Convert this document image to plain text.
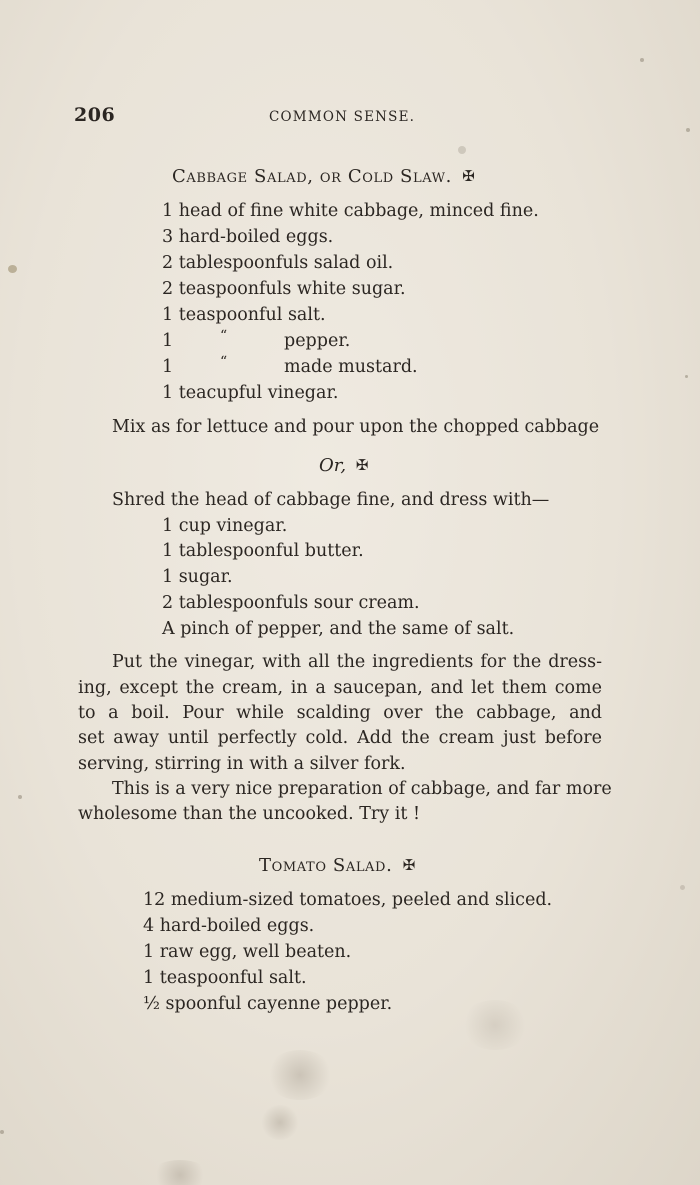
206	COMMON SENSE.
Cabbage Salad, or Cold Slaw. ✠
1 head of fine white cabbage, minced fine.
3 hard-boiled eggs.
2 tablespoonfuls salad oil.
2 teaspoonfuls white sugar.
1 teaspoonful salt.
1	“	pepper.
1	“	made mustard.
1 teacupful vinegar.
Mix as for lettuce and pour upon the chopped cabbage
Or, ✠
Shred the head of cabbage fine, and dress with—
1 cup vinegar.
1 tablespoonful butter.
1 sugar.
2 tablespoonfuls sour cream.
A pinch of pepper, and the same of salt.
Put the vinegar, with all the ingredients for the dress-
ing, except the cream, in a saucepan, and let them come
to a boil. Pour while scalding over the cabbage, and
set away until perfectly cold. Add the cream just before
serving, stirring in with a silver fork.
This is a very nice preparation of cabbage, and far more
wholesome than the uncooked. Try it !
Tomato Salad. ✠
12 medium-sized tomatoes, peeled and sliced.
4 hard-boiled eggs.
1 raw egg, well beaten.
1 teaspoonful salt.
½ spoonful cayenne pepper.
